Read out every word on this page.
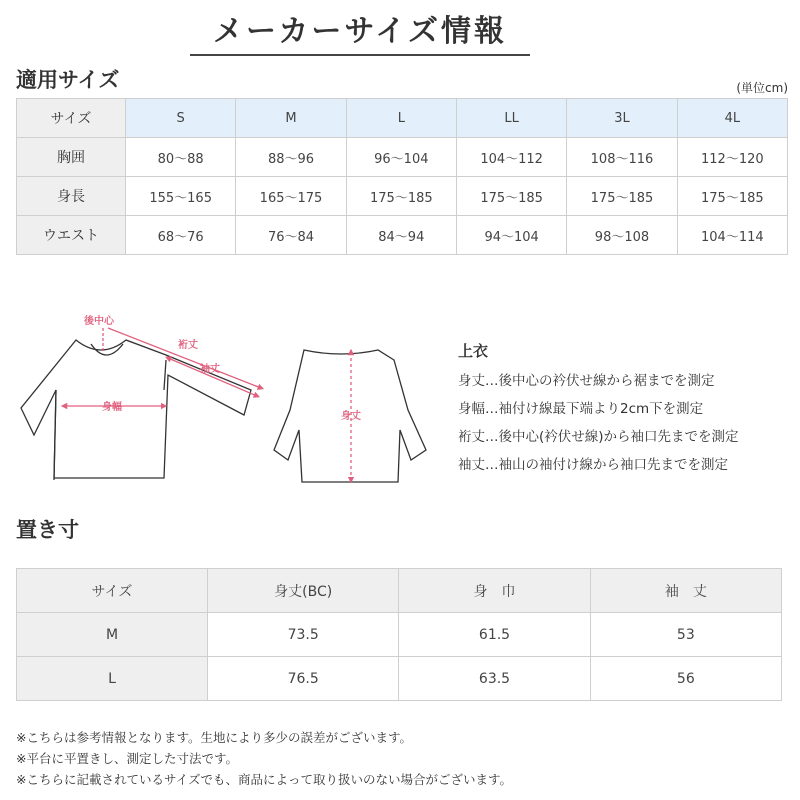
メーカーサイズ情報
適用サイズ	(単位cm)
サイズ	S	M	L	LL	3L	4L
胸囲	80〜88	88〜96	96〜104	104〜112	108〜116	112〜120
身長	155〜165	165〜175	175〜185	175〜185	175〜185	175〜185
ウエスト	68〜76	76〜84	84〜94	94〜104	98〜108	104〜114
後中心
裄丈
袖丈
身幅
身丈
上衣
身丈…後中心の衿伏せ線から裾までを測定
身幅…袖付け線最下端より2cm下を測定
裄丈…後中心(衿伏せ線)から袖口先までを測定
袖丈…袖山の袖付け線から袖口先までを測定
置き寸
サイズ	身丈(BC)	身　巾	袖　丈
M	73.5	61.5	53
L	76.5	63.5	56
※こちらは参考情報となります。生地により多少の誤差がございます。
※平台に平置きし、測定した寸法です。
※こちらに記載されているサイズでも、商品によって取り扱いのない場合がございます。
